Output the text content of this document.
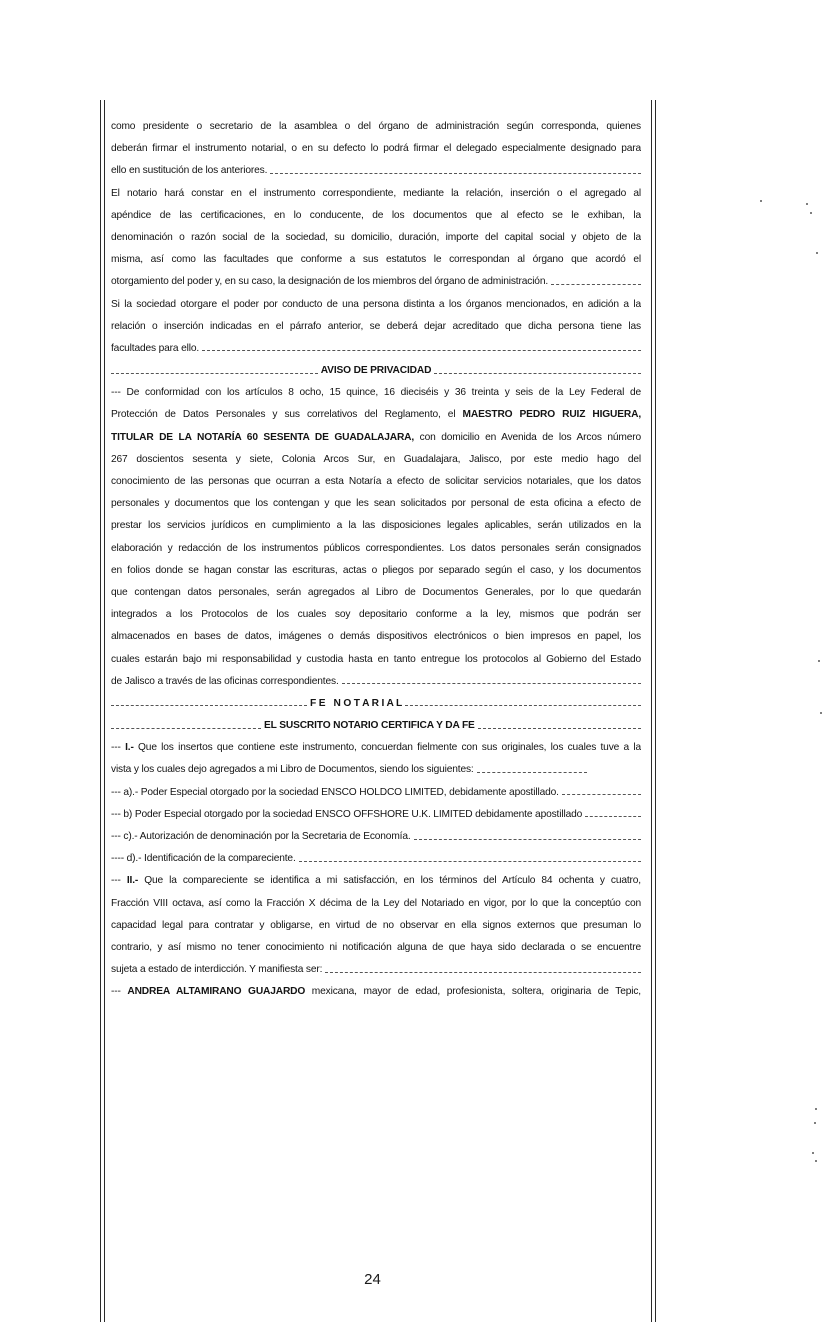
como presidente o secretario de la asamblea o del órgano de administración según corresponda, quienes
deberán firmar el instrumento notarial, o en su defecto lo podrá firmar el delegado especialmente designado para
ello en sustitución de los anteriores.
El notario hará constar en el instrumento correspondiente, mediante la relación, inserción o el agregado al
apéndice de las certificaciones, en lo conducente, de los documentos que al efecto se le exhiban, la
denominación o razón social de la sociedad, su domicilio, duración, importe del capital social y objeto de la
misma, así como las facultades que conforme a sus estatutos le correspondan al órgano que acordó el
otorgamiento del poder y, en su caso, la designación de los miembros del órgano de administración.
Si la sociedad otorgare el poder por conducto de una persona distinta a los órganos mencionados, en adición a la
relación o inserción indicadas en el párrafo anterior, se deberá dejar acreditado que dicha persona tiene las
facultades para ello.
AVISO DE PRIVACIDAD
--- De conformidad con los artículos 8 ocho, 15 quince, 16 dieciséis y 36 treinta y seis de la Ley Federal de
Protección de Datos Personales y sus correlativos del Reglamento, el MAESTRO PEDRO RUIZ HIGUERA,
TITULAR DE LA NOTARÍA 60 SESENTA DE GUADALAJARA, con domicilio en Avenida de los Arcos número
267 doscientos sesenta y siete, Colonia Arcos Sur, en Guadalajara, Jalisco, por este medio hago del
conocimiento de las personas que ocurran a esta Notaría a efecto de solicitar servicios notariales, que los datos
personales y documentos que los contengan y que les sean solicitados por personal de esta oficina a efecto de
prestar los servicios jurídicos en cumplimiento a la las disposiciones legales aplicables, serán utilizados en la
elaboración y redacción de los instrumentos públicos correspondientes. Los datos personales serán consignados
en folios donde se hagan constar las escrituras, actas o pliegos por separado según el caso, y los documentos
que contengan datos personales, serán agregados al Libro de Documentos Generales, por lo que quedarán
integrados a los Protocolos de los cuales soy depositario conforme a la ley, mismos que podrán ser
almacenados en bases de datos, imágenes o demás dispositivos electrónicos o bien impresos en papel, los
cuales estarán bajo mi responsabilidad y custodia hasta en tanto entregue los protocolos al Gobierno del Estado
de Jalisco a través de las oficinas correspondientes.
F E   N O T A R I A L
EL SUSCRITO NOTARIO CERTIFICA Y DA FE
--- I.- Que los insertos que contiene este instrumento, concuerdan fielmente con sus originales, los cuales tuve a la
vista y los cuales dejo agregados a mi Libro de Documentos, siendo los siguientes:
--- a).- Poder Especial otorgado por la sociedad ENSCO HOLDCO LIMITED, debidamente apostillado.
--- b) Poder Especial otorgado por la sociedad ENSCO OFFSHORE U.K. LIMITED debidamente apostillado
--- c).- Autorización de denominación por la Secretaria de Economía.
---- d).- Identificación de la compareciente.
--- II.- Que la compareciente se identifica a mi satisfacción, en los términos del Artículo 84 ochenta y cuatro,
Fracción VIII octava, así como la Fracción X décima de la Ley del Notariado en vigor, por lo que la conceptúo con
capacidad legal para contratar y obligarse, en virtud de no observar en ella signos externos que presuman lo
contrario, y así mismo no tener conocimiento ni notificación alguna de que haya sido declarada o se encuentre
sujeta a estado de interdicción. Y manifiesta ser:
--- ANDREA ALTAMIRANO GUAJARDO mexicana, mayor de edad, profesionista, soltera, originaria de Tepic,
24
